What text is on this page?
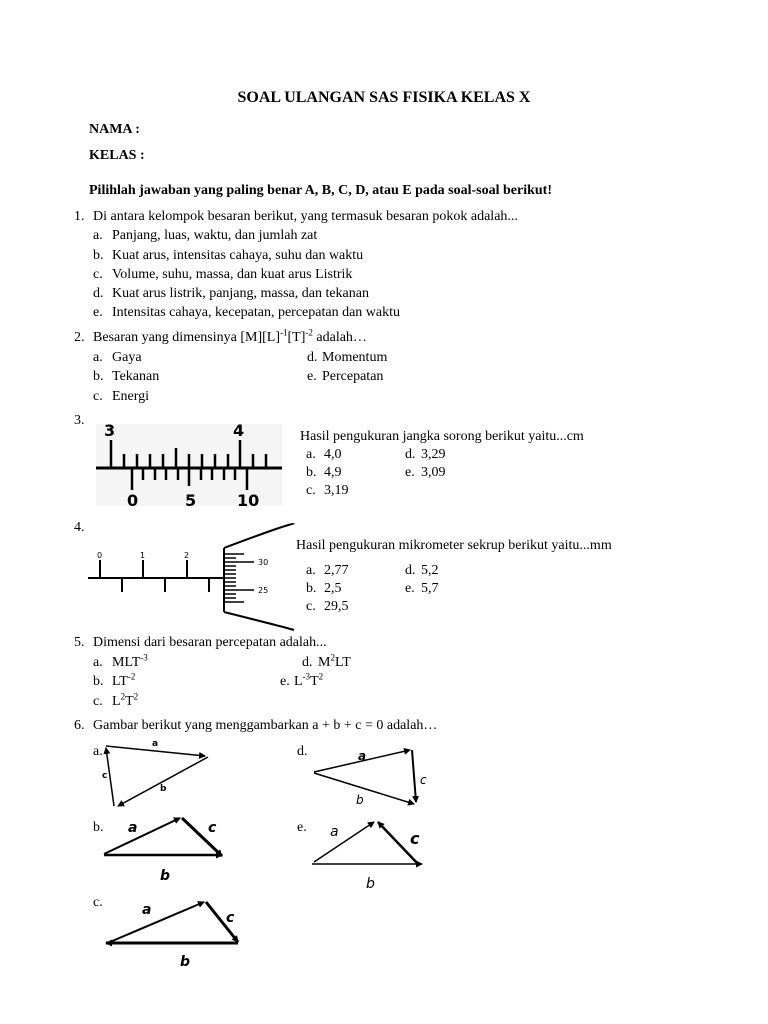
SOAL ULANGAN SAS FISIKA KELAS X
NAMA :
KELAS :
Pilihlah jawaban yang paling benar A, B, C, D, atau E pada soal-soal berikut!
1. Di antara kelompok besaran berikut, yang termasuk besaran pokok adalah...
a. Panjang, luas, waktu, dan jumlah zat
b. Kuat arus, intensitas cahaya, suhu dan waktu
c. Volume, suhu, massa, dan kuat arus Listrik
d. Kuat arus listrik, panjang, massa, dan tekanan
e. Intensitas cahaya, kecepatan, percepatan dan waktu
2. Besaran yang dimensinya $[M][L]^{-1}[T]^{-2}$ adalah…
a. Gaya
b. Tekanan
c. Energi
d. Momentum
e. Percepatan
3.
3	4
0	5	10
Hasil pengukuran jangka sorong berikut yaitu...cm
a. 4,0
b. 4,9
c. 3,19
d. 3,29
e. 3,09
4.
0	1	2
30
25
Hasil pengukuran mikrometer sekrup berikut yaitu...mm
a. 2,77
b. 2,5
c. 29,5
d. 5,2
e. 5,7
5. Dimensi dari besaran percepatan adalah...
a. $MLT^{-3}$
b. $LT^{-2}$
c. $L^2T^2$
d. $M^2LT$
e. $L^{-3}T^2$
6. Gambar berikut yang menggambarkan a + b + c = 0 adalah…
a.
b.
c.
d.
e.
a
b
c
a
b
c
a
b
c
a
b
c
a
b
c
